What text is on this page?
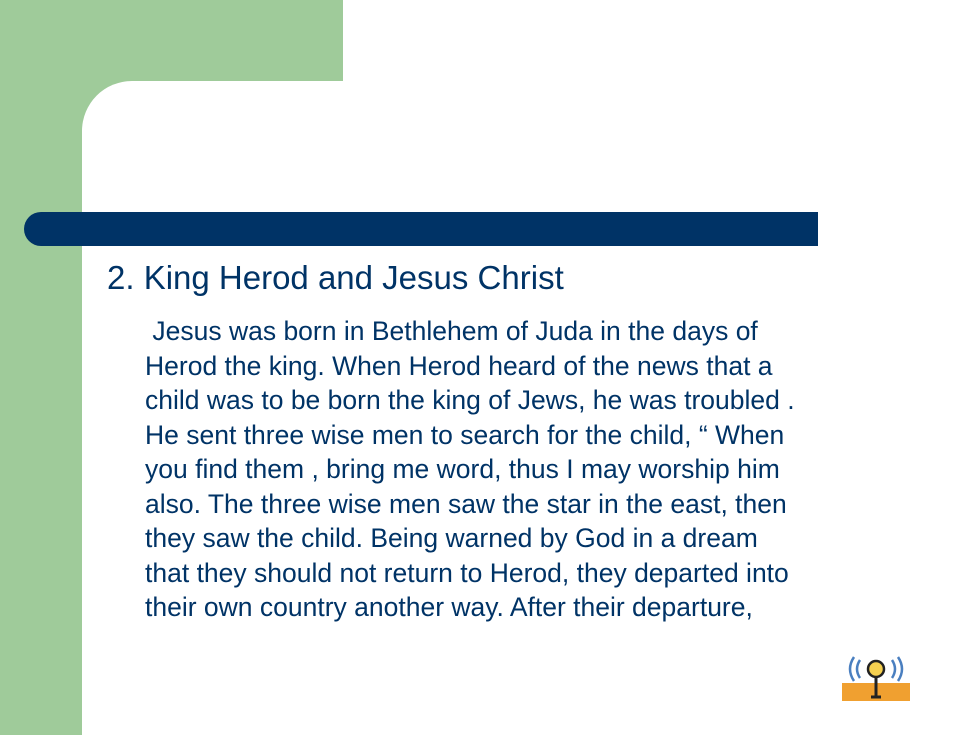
2. King Herod and Jesus Christ
Jesus was born in Bethlehem of Juda in the days of
Herod the king. When Herod heard of the news that a
child was to be born the king of Jews, he was troubled .
He sent three wise men to search for the child, “ When
you find them , bring me word, thus I may worship him
also. The three wise men saw the star in the east, then
they saw the child. Being warned by God in a dream
that they should not return to Herod, they departed into
their own country another way. After their departure,
